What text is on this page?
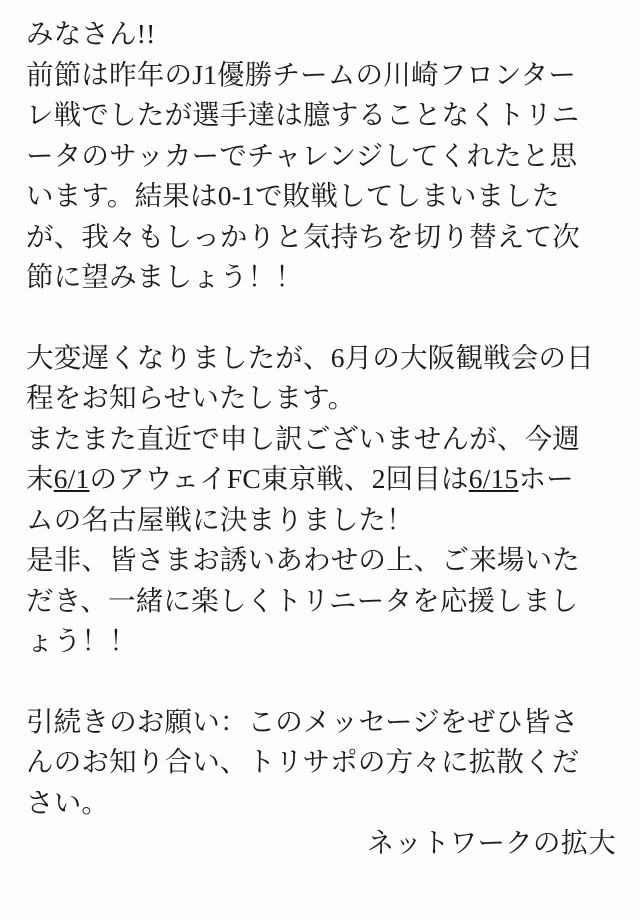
みなさん!!
前節は昨年のJ1優勝チームの川崎フロンター
レ戦でしたが選手達は臆することなくトリニ
ータのサッカーでチャレンジしてくれたと思
います。結果は0-1で敗戦してしまいました
が、我々もしっかりと気持ちを切り替えて次
節に望みましょう！！

大変遅くなりましたが、6月の大阪観戦会の日
程をお知らせいたします。
またまた直近で申し訳ございませんが、今週
末6/1のアウェイFC東京戦、2回目は6/15ホー
ムの名古屋戦に決まりました！
是非、皆さまお誘いあわせの上、ご来場いた
だき、一緒に楽しくトリニータを応援しまし
ょう！！

引続きのお願い：このメッセージをぜひ皆さ
んのお知り合い、トリサポの方々に拡散くだ
さい。

ネットワークの拡大
